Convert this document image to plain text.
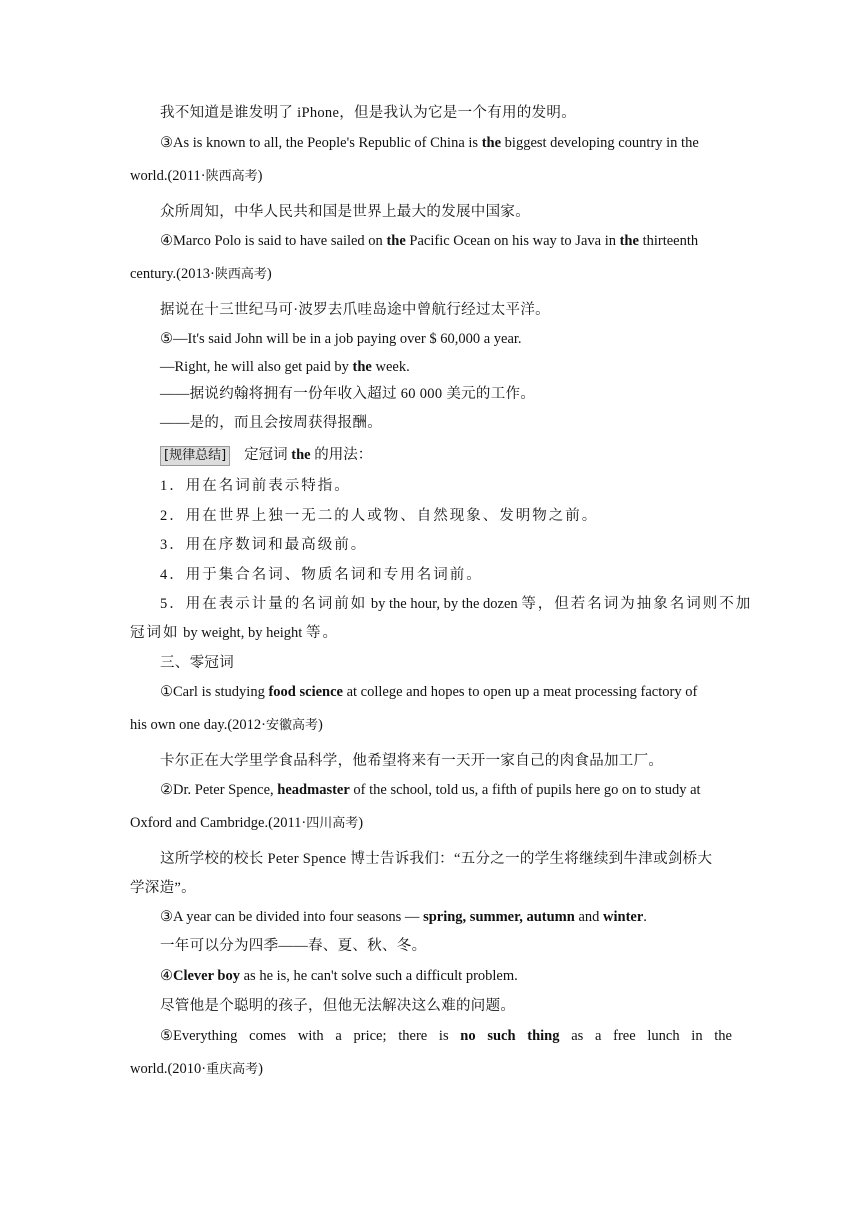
我不知道是谁发明了 iPhone，但是我认为它是一个有用的发明。
③As is known to all, the People's Republic of China is the biggest developing country in the
world.(2011·陕西高考)
众所周知，中华人民共和国是世界上最大的发展中国家。
④Marco Polo is said to have sailed on the Pacific Ocean on his way to Java in the thirteenth
century.(2013·陕西高考)
据说在十三世纪马可·波罗去爪哇岛途中曾航行经过太平洋。
⑤—It's said John will be in a job paying over $ 60,000 a year.
—Right, he will also get paid by the week.
——据说约翰将拥有一份年收入超过 60 000 美元的工作。
——是的，而且会按周获得报酬。
[规律总结] 定冠词 the 的用法：
1．用在名词前表示特指。
2．用在世界上独一无二的人或物、自然现象、发明物之前。
3．用在序数词和最高级前。
4．用于集合名词、物质名词和专用名词前。
5．用在表示计量的名词前如 by the hour, by the dozen 等，但若名词为抽象名词则不加
冠词如 by weight, by height 等。
三、零冠词
①Carl is studying food science at college and hopes to open up a meat processing factory of
his own one day.(2012·安徽高考)
卡尔正在大学里学食品科学，他希望将来有一天开一家自己的肉食品加工厂。
②Dr. Peter Spence, headmaster of the school, told us, a fifth of pupils here go on to study at
Oxford and Cambridge.(2011·四川高考)
这所学校的校长 Peter Spence 博士告诉我们：“五分之一的学生将继续到牛津或剑桥大
学深造”。
③A year can be divided into four seasons — spring, summer, autumn and winter.
一年可以分为四季——春、夏、秋、冬。
④Clever boy as he is, he can't solve such a difficult problem.
尽管他是个聪明的孩子，但他无法解决这么难的问题。
⑤Everything comes with a price; there is no such thing as a free lunch in the
world.(2010·重庆高考)
